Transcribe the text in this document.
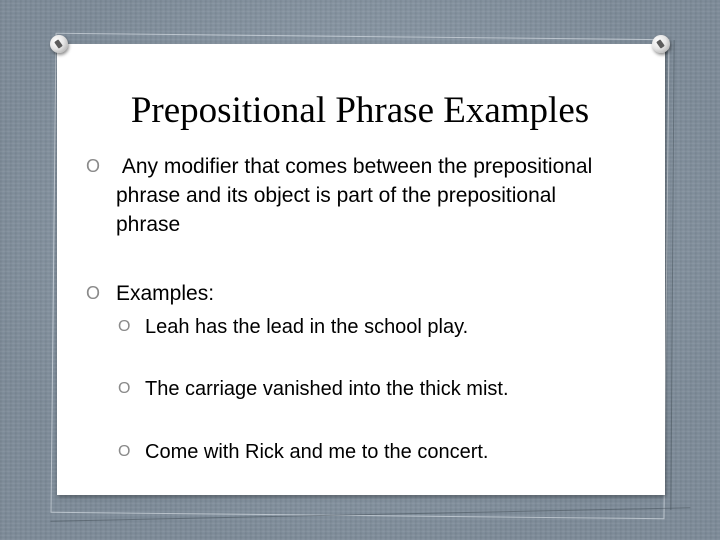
Prepositional Phrase Examples
O Any modifier that comes between the prepositional phrase and its object is part of the prepositional phrase
O Examples:
O Leah has the lead in the school play.
O The carriage vanished into the thick mist.
O Come with Rick and me to the concert.
